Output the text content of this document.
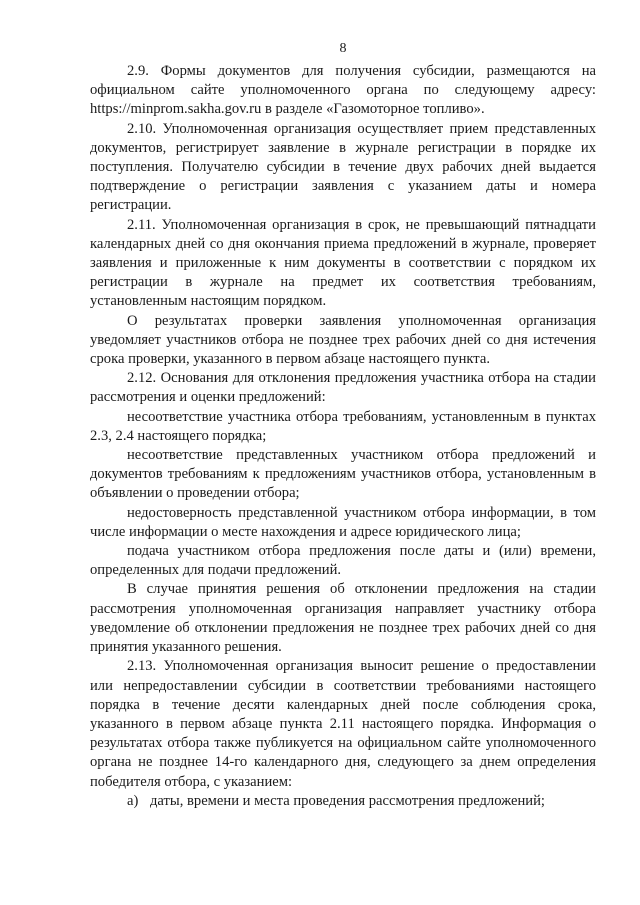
8

2.9. Формы документов для получения субсидии, размещаются на официальном сайте уполномоченного органа по следующему адресу: https://minprom.sakha.gov.ru в разделе «Газомоторное топливо».

2.10. Уполномоченная организация осуществляет прием представленных документов, регистрирует заявление в журнале регистрации в порядке их поступления. Получателю субсидии в течение двух рабочих дней выдается подтверждение о регистрации заявления с указанием даты и номера регистрации.

2.11. Уполномоченная организация в срок, не превышающий пятнадцати календарных дней со дня окончания приема предложений в журнале, проверяет заявления и приложенные к ним документы в соответствии с порядком их регистрации в журнале на предмет их соответствия требованиям, установленным настоящим порядком.

О результатах проверки заявления уполномоченная организация уведомляет участников отбора не позднее трех рабочих дней со дня истечения срока проверки, указанного в первом абзаце настоящего пункта.

2.12. Основания для отклонения предложения участника отбора на стадии рассмотрения и оценки предложений:

несоответствие участника отбора требованиям, установленным в пунктах 2.3, 2.4 настоящего порядка;

несоответствие представленных участником отбора предложений и документов требованиям к предложениям участников отбора, установленным в объявлении о проведении отбора;

недостоверность представленной участником отбора информации, в том числе информации о месте нахождения и адресе юридического лица;

подача участником отбора предложения после даты и (или) времени, определенных для подачи предложений.

В случае принятия решения об отклонении предложения на стадии рассмотрения уполномоченная организация направляет участнику отбора уведомление об отклонении предложения не позднее трех рабочих дней со дня принятия указанного решения.

2.13. Уполномоченная организация выносит решение о предоставлении или непредоставлении субсидии в соответствии требованиями настоящего порядка в течение десяти календарных дней после соблюдения срока, указанного в первом абзаце пункта 2.11 настоящего порядка. Информация о результатах отбора также публикуется на официальном сайте уполномоченного органа не позднее 14-го календарного дня, следующего за днем определения победителя отбора, с указанием:

а) даты, времени и места проведения рассмотрения предложений;
